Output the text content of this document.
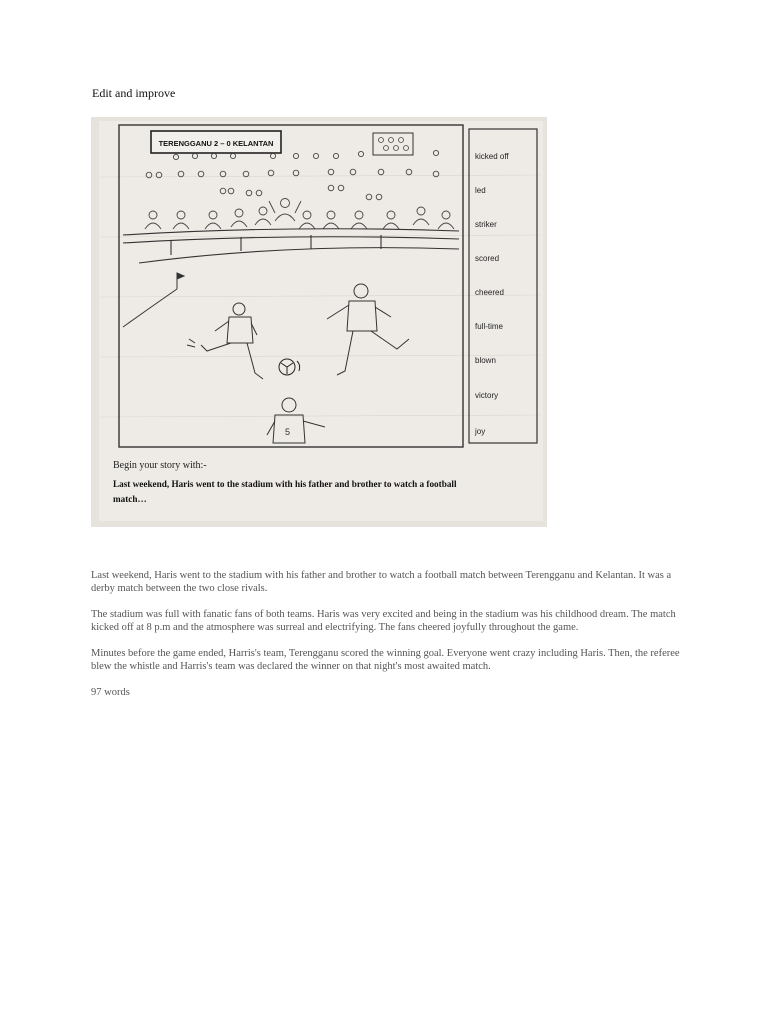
Edit and improve
TERENGGANU 2 – 0 KELANTAN
5
kicked off
led
striker
scored
cheered
full-time
blown
victory
joy
Begin your story with:-
Last weekend, Haris went to the stadium with his father and brother to watch a football
match…

Last weekend, Haris went to the stadium with his father and brother to watch a football match between Terengganu and Kelantan. It was a derby match between the two close rivals.

The stadium was full with fanatic fans of both teams. Haris was very excited and being in the stadium was his childhood dream. The match kicked off at 8 p.m and the atmosphere was surreal and electrifying. The fans cheered joyfully throughout the game.

Minutes before the game ended, Harris's team, Terengganu scored the winning goal. Everyone went crazy including Haris. Then, the referee blew the whistle and Harris's team was declared the winner on that night's most awaited match.

97 words
